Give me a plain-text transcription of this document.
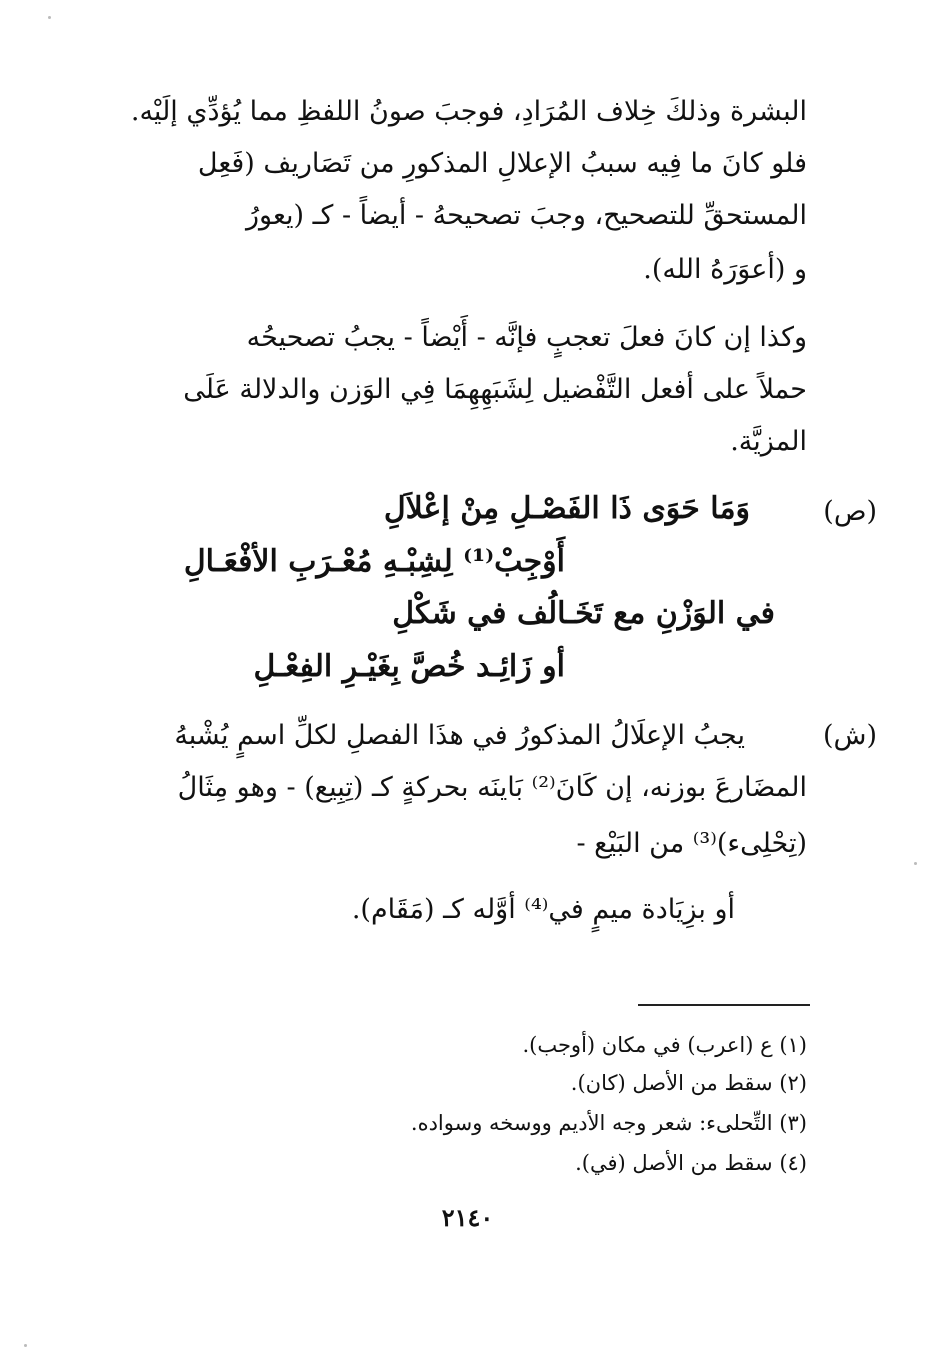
البشرة وذلكَ خِلاف المُرَادِ، فوجبَ صونُ اللفظِ مما يُؤدِّي إلَيْه.
فلو كانَ ما فِيه سببُ الإعلالِ المذكورِ من تَصَاريف (فَعِل
المستحقِّ للتصحيح، وجبَ تصحيحهُ - أيضاً - كـ (يعورُ
و (أعوَرَهُ الله).
وكذا إن كانَ فعلَ تعجبٍ فإنَّه - أَيْضاً - يجبُ تصحيحُه
حملاً على أفعل التَّفْضيل لِشَبَهِهِمَا فِي الوَزن والدلالة عَلَى
المزيَّة.
(ص)
وَمَا حَوَى ذَا الفَصْـلِ مِنْ إعْلاَلِ
أَوْجِبْ⁽¹⁾ لِشِبْـهِ مُعْـرَبِ الأفْعَـالِ
في الوَزْنِ مع تَخَـالُف في شَكْلِ
أو زَائِـد خُصَّ بِغَيْـرِ الفِعْـلِ
(ش)
يجبُ الإعلَالُ المذكورُ في هذَا الفصلِ لكلِّ اسمٍ يُشْبهُ
المضَارعَ بوزنه، إن كَانَ⁽²⁾ بَاينَه بحركةٍ كـ (تِبِيع) - وهو مِثَالُ
(تِحْلِىء)⁽³⁾ من البَيْع -
أو بزِيَادة ميمٍ في⁽⁴⁾ أوَّله كـ (مَقَام).
(١) ع (اعرب) في مكان (أوجب).
(٢) سقط من الأصل (كان).
(٣) التِّحلىء: شعر وجه الأديم ووسخه وسواده.
(٤) سقط من الأصل (في).
٢١٤٠
